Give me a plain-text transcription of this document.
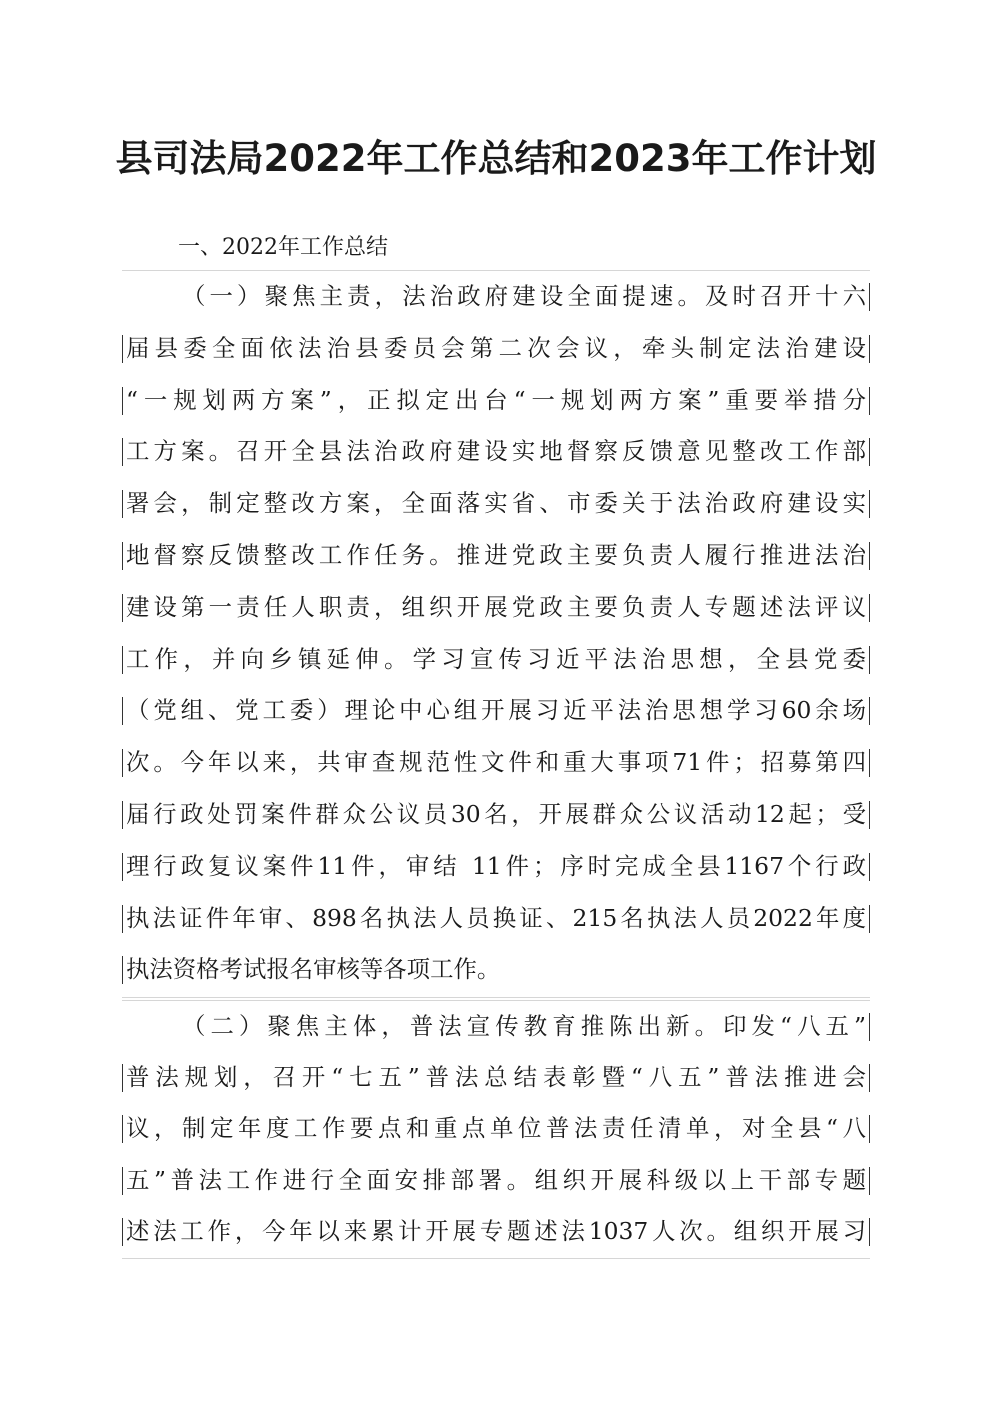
县司法局2022年工作总结和2023年工作计划

一、2022年工作总结

（一）聚焦主责，法治政府建设全面提速。及时召开十六
届县委全面依法治县委员会第二次会议，牵头制定法治建设
“一规划两方案”，正拟定出台“一规划两方案”重要举措分
工方案。召开全县法治政府建设实地督察反馈意见整改工作部
署会，制定整改方案，全面落实省、市委关于法治政府建设实
地督察反馈整改工作任务。推进党政主要负责人履行推进法治
建设第一责任人职责，组织开展党政主要负责人专题述法评议
工作，并向乡镇延伸。学习宣传习近平法治思想，全县党委
（党组、党工委）理论中心组开展习近平法治思想学习60余场
次。今年以来，共审查规范性文件和重大事项71件；招募第四
届行政处罚案件群众公议员30名，开展群众公议活动12起；受
理行政复议案件11件，审结 11件；序时完成全县1167个行政
执法证件年审、898名执法人员换证、215名执法人员2022年度
执法资格考试报名审核等各项工作。
（二）聚焦主体，普法宣传教育推陈出新。印发“八五”
普法规划，召开“七五”普法总结表彰暨“八五”普法推进会
议，制定年度工作要点和重点单位普法责任清单，对全县“八
五”普法工作进行全面安排部署。组织开展科级以上干部专题
述法工作，今年以来累计开展专题述法1037人次。组织开展习
